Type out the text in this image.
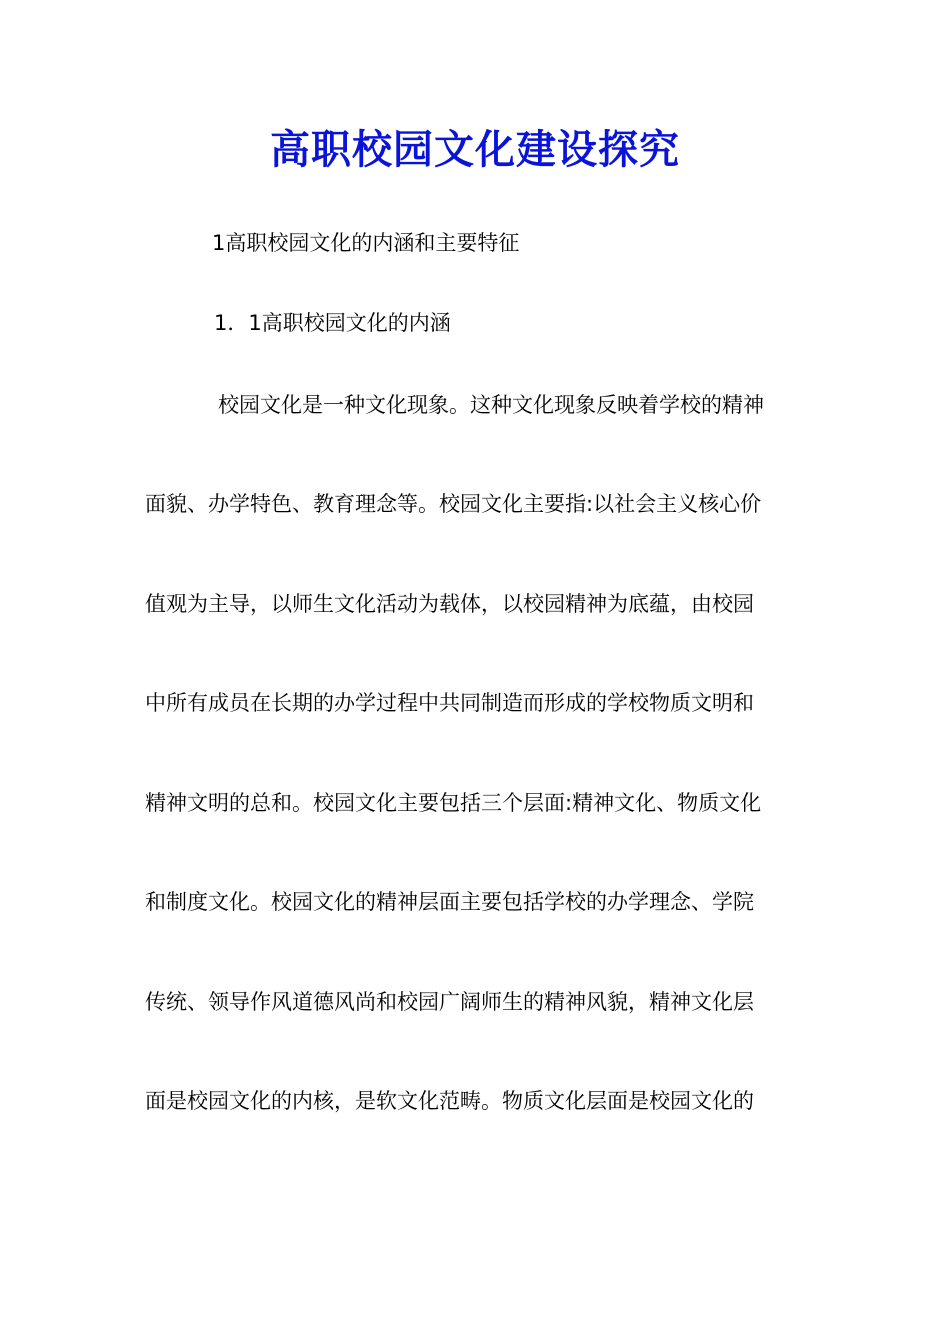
高职校园文化建设探究
1高职校园文化的内涵和主要特征
1．1高职校园文化的内涵
校园文化是一种文化现象。这种文化现象反映着学校的精神
面貌、办学特色、教育理念等。校园文化主要指:以社会主义核心价
值观为主导，以师生文化活动为载体，以校园精神为底蕴，由校园
中所有成员在长期的办学过程中共同制造而形成的学校物质文明和
精神文明的总和。校园文化主要包括三个层面:精神文化、物质文化
和制度文化。校园文化的精神层面主要包括学校的办学理念、学院
传统、领导作风道德风尚和校园广阔师生的精神风貌，精神文化层
面是校园文化的内核，是软文化范畴。物质文化层面是校园文化的
